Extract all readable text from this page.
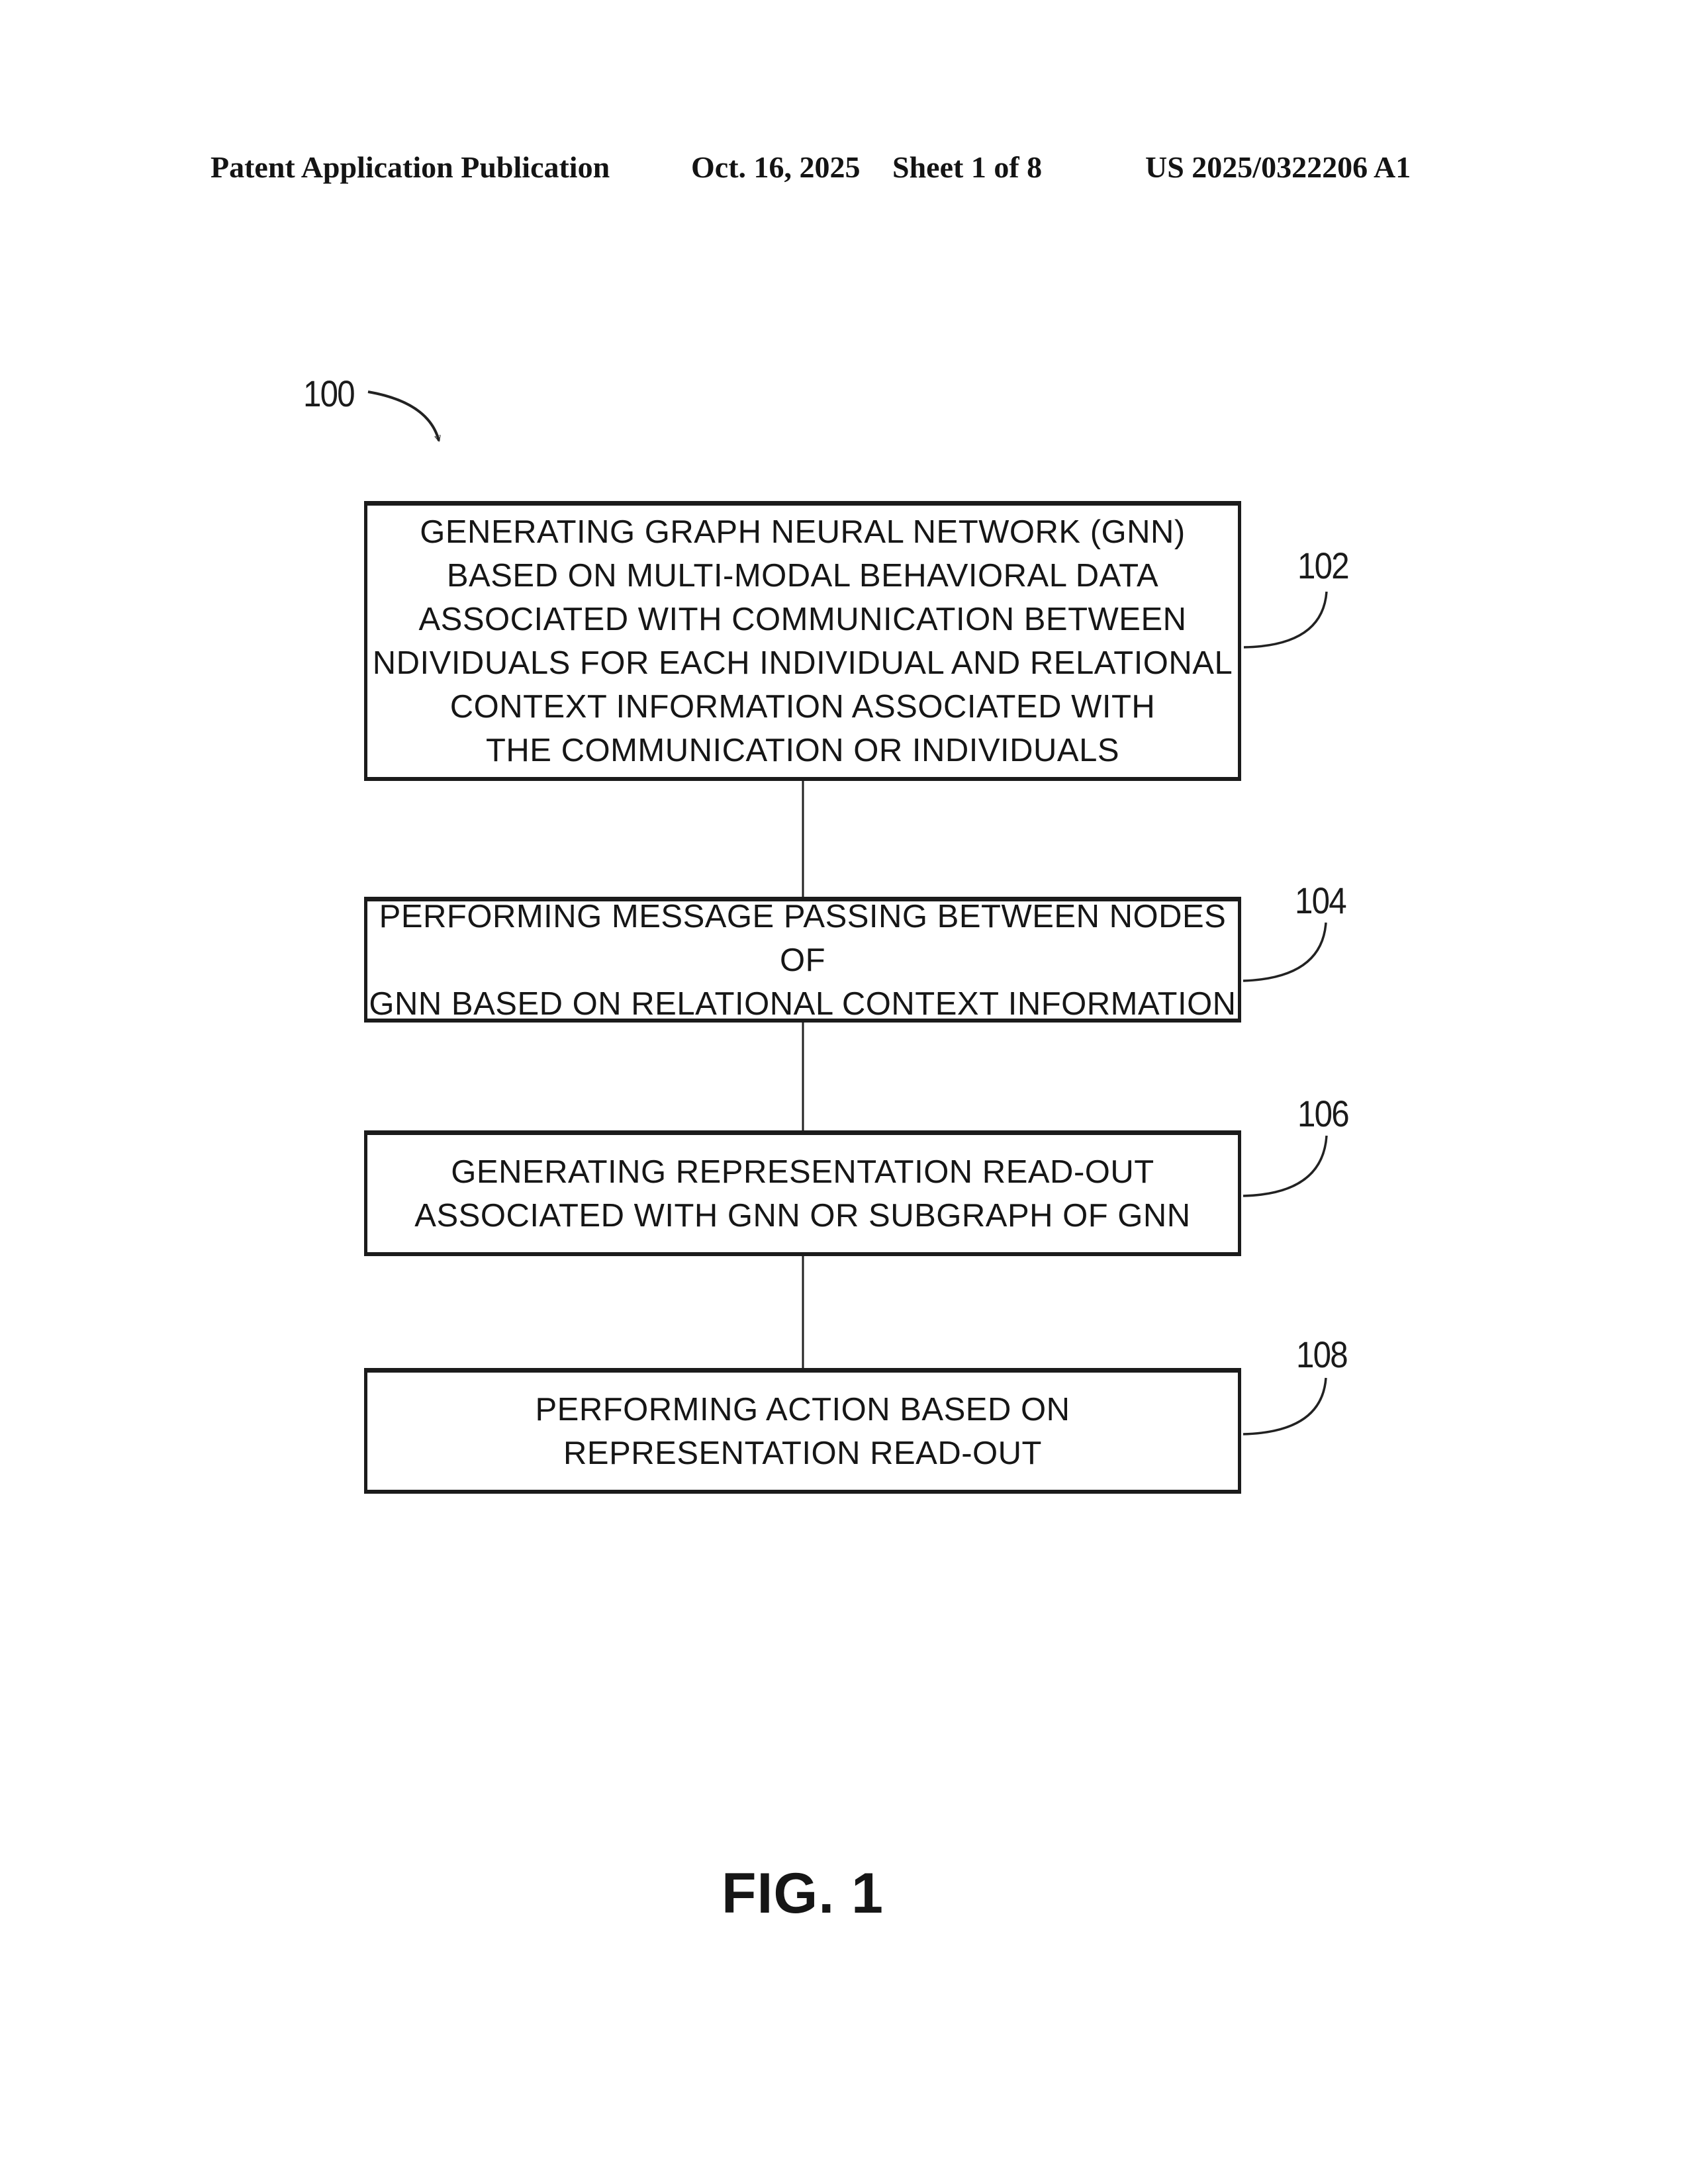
Patent Application Publication	Oct. 16, 2025 Sheet 1 of 8	US 2025/0322206 A1
100
GENERATING GRAPH NEURAL NETWORK (GNN)
BASED ON MULTI-MODAL BEHAVIORAL DATA
ASSOCIATED WITH COMMUNICATION BETWEEN
NDIVIDUALS FOR EACH INDIVIDUAL AND RELATIONAL
CONTEXT INFORMATION ASSOCIATED WITH
THE COMMUNICATION OR INDIVIDUALS
PERFORMING MESSAGE PASSING BETWEEN NODES OF
GNN BASED ON RELATIONAL CONTEXT INFORMATION
GENERATING REPRESENTATION READ-OUT
ASSOCIATED WITH GNN OR SUBGRAPH OF GNN
PERFORMING ACTION BASED ON
REPRESENTATION READ-OUT
102
104
106
108
FIG. 1
